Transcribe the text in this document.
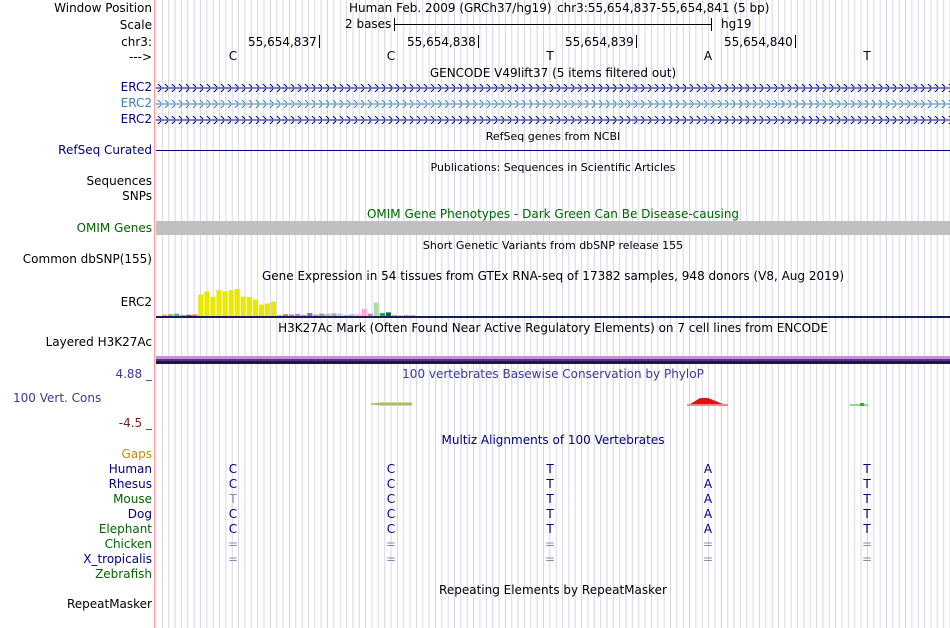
Window Position
Scale
chr3:
--->
Human Feb. 2009 (GRCh37/hg19) chr3:55,654,837-55,654,841 (5 bp)
2 bases	hg19
55,654,837	55,654,838	55,654,839	55,654,840
C	C	T	A	T
GENCODE V49lift37 (5 items filtered out)
ERC2
ERC2
ERC2
RefSeq genes from NCBI
RefSeq Curated
Publications: Sequences in Scientific Articles
Sequences
SNPs
OMIM Gene Phenotypes - Dark Green Can Be Disease-causing
OMIM Genes
Short Genetic Variants from dbSNP release 155
Common dbSNP(155)
Gene Expression in 54 tissues from GTEx RNA-seq of 17382 samples, 948 donors (V8, Aug 2019)
ERC2
H3K27Ac Mark (Often Found Near Active Regulatory Elements) on 7 cell lines from ENCODE
Layered H3K27Ac
4.88 _	100 vertebrates Basewise Conservation by PhyloP
100 Vert. Cons
-4.5 _
Multiz Alignments of 100 Vertebrates
Gaps
Human	C	C	T	A	T
Rhesus	C	C	T	A	T
Mouse	T	C	T	A	T
Dog	C	C	T	A	T
Elephant	C	C	T	A	T
Chicken	=	=	=	=	=
X_tropicalis	=	=	=	=	=
Zebrafish
Repeating Elements by RepeatMasker
RepeatMasker
